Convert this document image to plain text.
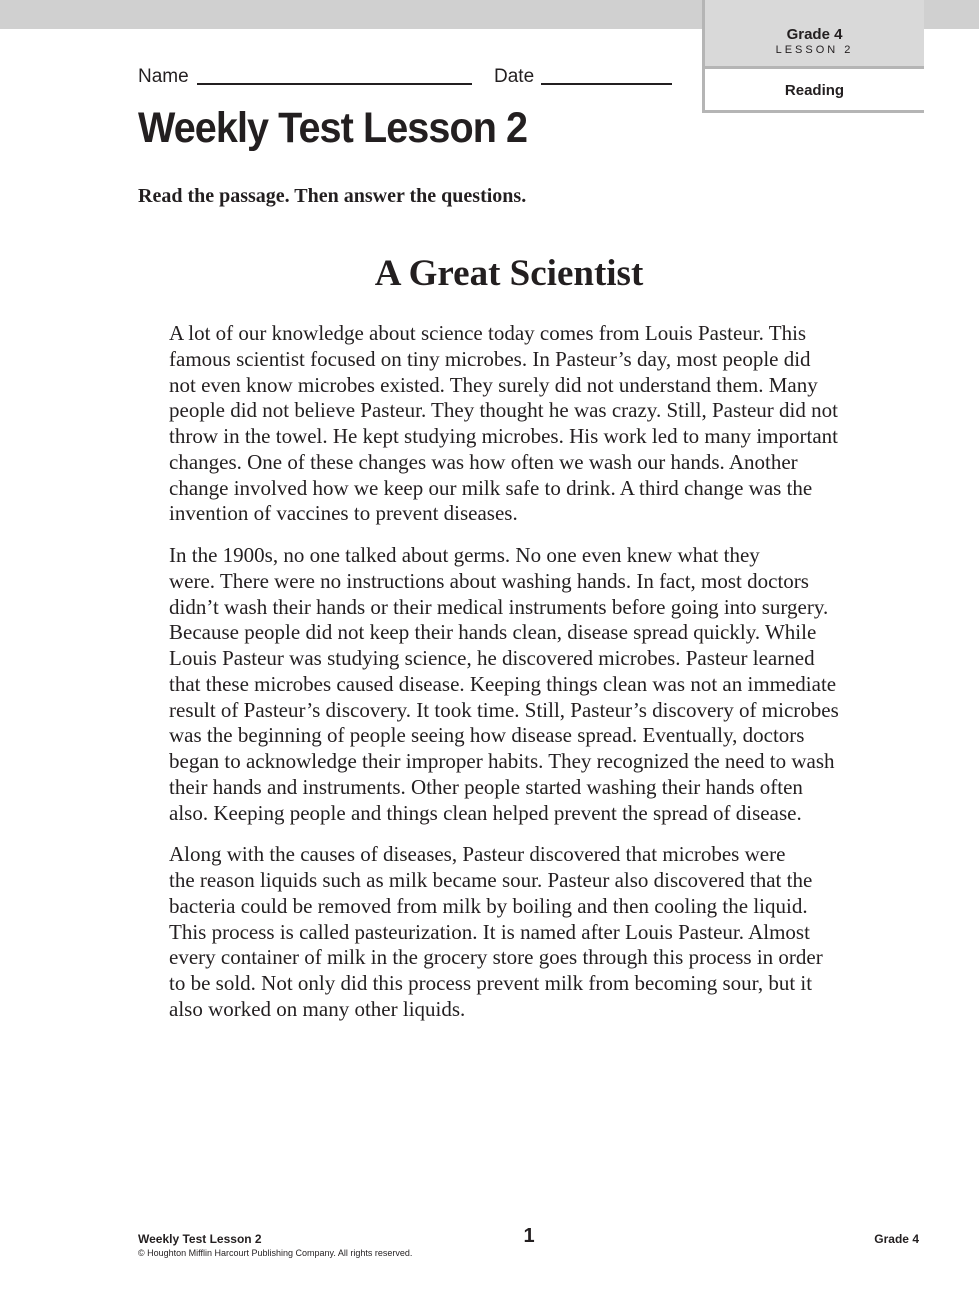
Grade 4
LESSON 2
Reading
Name	Date
Weekly Test Lesson 2

Read the passage. Then answer the questions.

A Great Scientist

A lot of our knowledge about science today comes from Louis Pasteur. This
famous scientist focused on tiny microbes. In Pasteur’s day, most people did
not even know microbes existed. They surely did not understand them. Many
people did not believe Pasteur. They thought he was crazy. Still, Pasteur did not
throw in the towel. He kept studying microbes. His work led to many important
changes. One of these changes was how often we wash our hands. Another
change involved how we keep our milk safe to drink. A third change was the
invention of vaccines to prevent diseases.

In the 1900s, no one talked about germs. No one even knew what they
were. There were no instructions about washing hands. In fact, most doctors
didn’t wash their hands or their medical instruments before going into surgery.
Because people did not keep their hands clean, disease spread quickly. While
Louis Pasteur was studying science, he discovered microbes. Pasteur learned
that these microbes caused disease. Keeping things clean was not an immediate
result of Pasteur’s discovery. It took time. Still, Pasteur’s discovery of microbes
was the beginning of people seeing how disease spread. Eventually, doctors
began to acknowledge their improper habits. They recognized the need to wash
their hands and instruments. Other people started washing their hands often
also. Keeping people and things clean helped prevent the spread of disease.

Along with the causes of diseases, Pasteur discovered that microbes were
the reason liquids such as milk became sour. Pasteur also discovered that the
bacteria could be removed from milk by boiling and then cooling the liquid.
This process is called pasteurization. It is named after Louis Pasteur. Almost
every container of milk in the grocery store goes through this process in order
to be sold. Not only did this process prevent milk from becoming sour, but it
also worked on many other liquids.

Weekly Test Lesson 2
© Houghton Mifflin Harcourt Publishing Company. All rights reserved.
1	Grade 4
